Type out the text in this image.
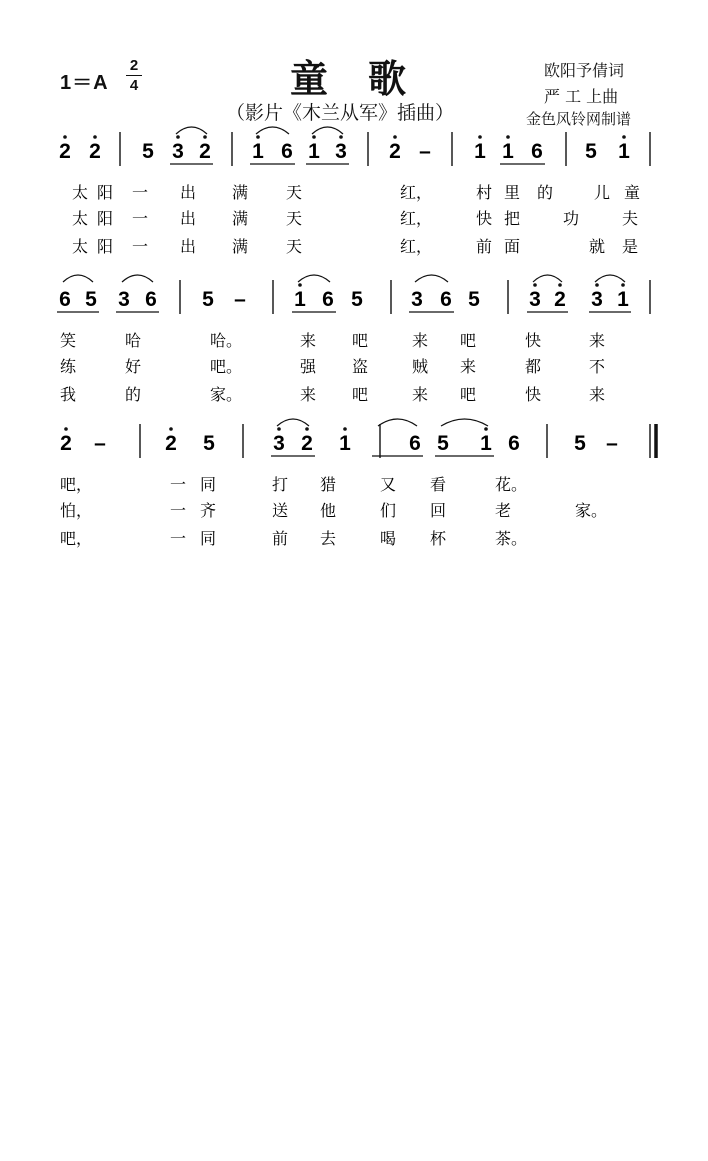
1＝A
2
4	童歌
（影片《木兰从军》插曲）
欧阳予倩词
严 工 上曲
金色风铃网制谱
2 2 5 3 2 1 6 1 3 2 – 1 1 6 5 1
太 阳 一 出 满 天	红，	村 里 的	儿 童
太 阳 一 出 满 天	红，	快 把	功	夫
太 阳 一 出 满 天	红，	前 面	就 是
6 5 3 6 5 – 1 6 5 3 6 5 3 2 3 1
笑	哈	哈。	来 吧	来 吧	快	来
练	好	吧。	强 盗	贼 来	都	不
我	的	家。	来 吧	来 吧	快	来
2 –	2 5	3 2 1	6 5 1 6	5 –
吧，	一 同	打 猎	又 看	花。
怕，	一 齐	送 他	们 回	老	家。
吧，	一 同	前 去	喝 杯	茶。
